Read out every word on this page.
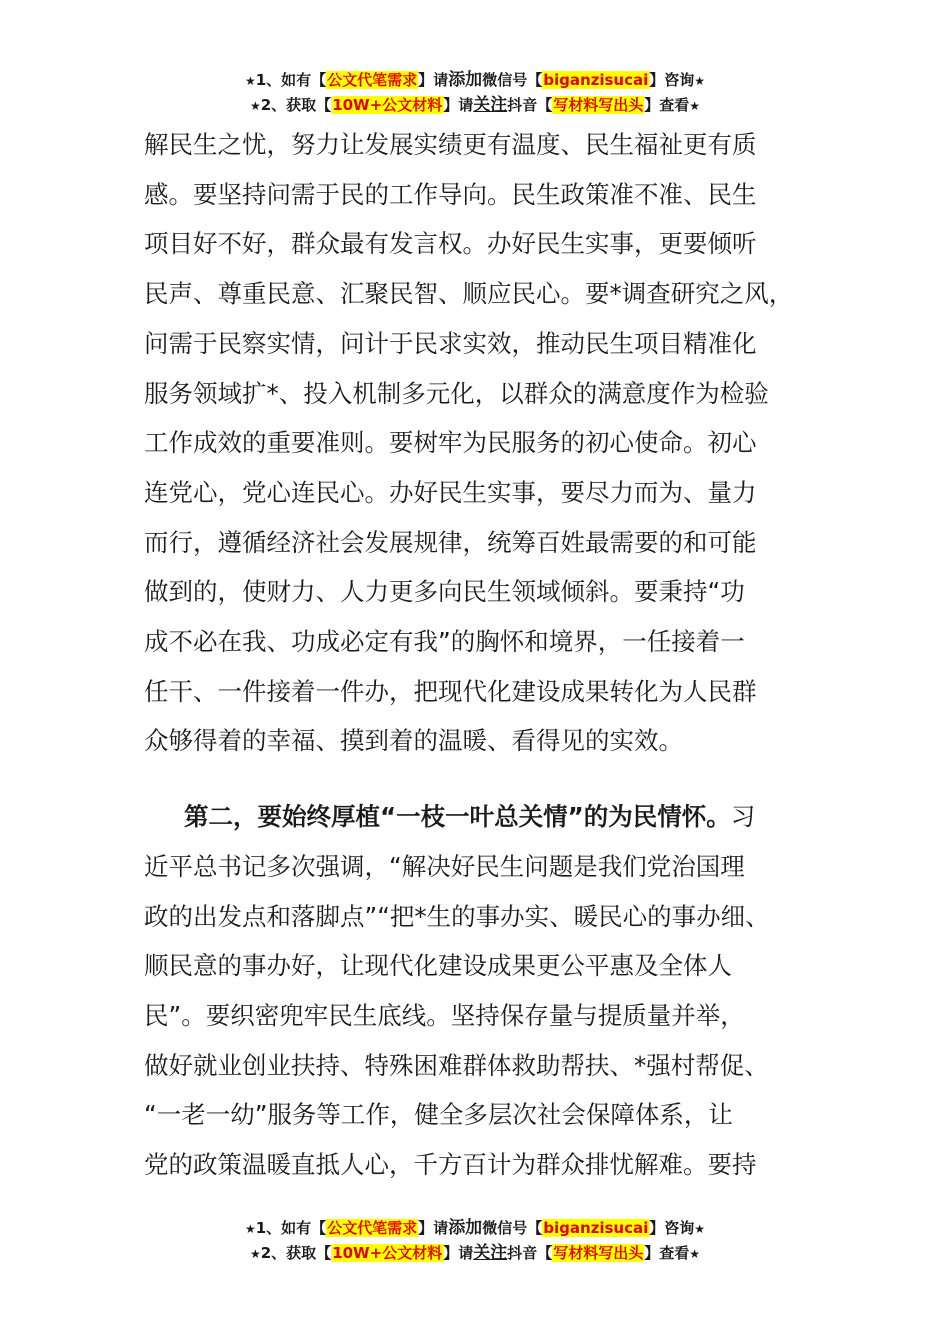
★1、如有【公文代笔需求】请添加微信号【biganzisucai】咨询★
★2、获取【10W+公文材料】请关注抖音【写材料写出头】查看★

解民生之忧，努力让发展实绩更有温度、民生福祉更有质
感。要坚持问需于民的工作导向。民生政策准不准、民生
项目好不好，群众最有发言权。办好民生实事，更要倾听
民声、尊重民意、汇聚民智、顺应民心。要*调查研究之风，
问需于民察实情，问计于民求实效，推动民生项目精准化
服务领域扩*、投入机制多元化，以群众的满意度作为检验
工作成效的重要准则。要树牢为民服务的初心使命。初心
连党心，党心连民心。办好民生实事，要尽力而为、量力
而行，遵循经济社会发展规律，统筹百姓最需要的和可能
做到的，使财力、人力更多向民生领域倾斜。要秉持“功
成不必在我、功成必定有我”的胸怀和境界，一任接着一
任干、一件接着一件办，把现代化建设成果转化为人民群
众够得着的幸福、摸到着的温暖、看得见的实效。

第二，要始终厚植“一枝一叶总关情”的为民情怀。习
近平总书记多次强调，“解决好民生问题是我们党治国理
政的出发点和落脚点”“把*生的事办实、暖民心的事办细、
顺民意的事办好，让现代化建设成果更公平惠及全体人
民”。要织密兜牢民生底线。坚持保存量与提质量并举，
做好就业创业扶持、特殊困难群体救助帮扶、*强村帮促、
“一老一幼”服务等工作，健全多层次社会保障体系，让
党的政策温暖直抵人心，千方百计为群众排忧解难。要持

★1、如有【公文代笔需求】请添加微信号【biganzisucai】咨询★
★2、获取【10W+公文材料】请关注抖音【写材料写出头】查看★
